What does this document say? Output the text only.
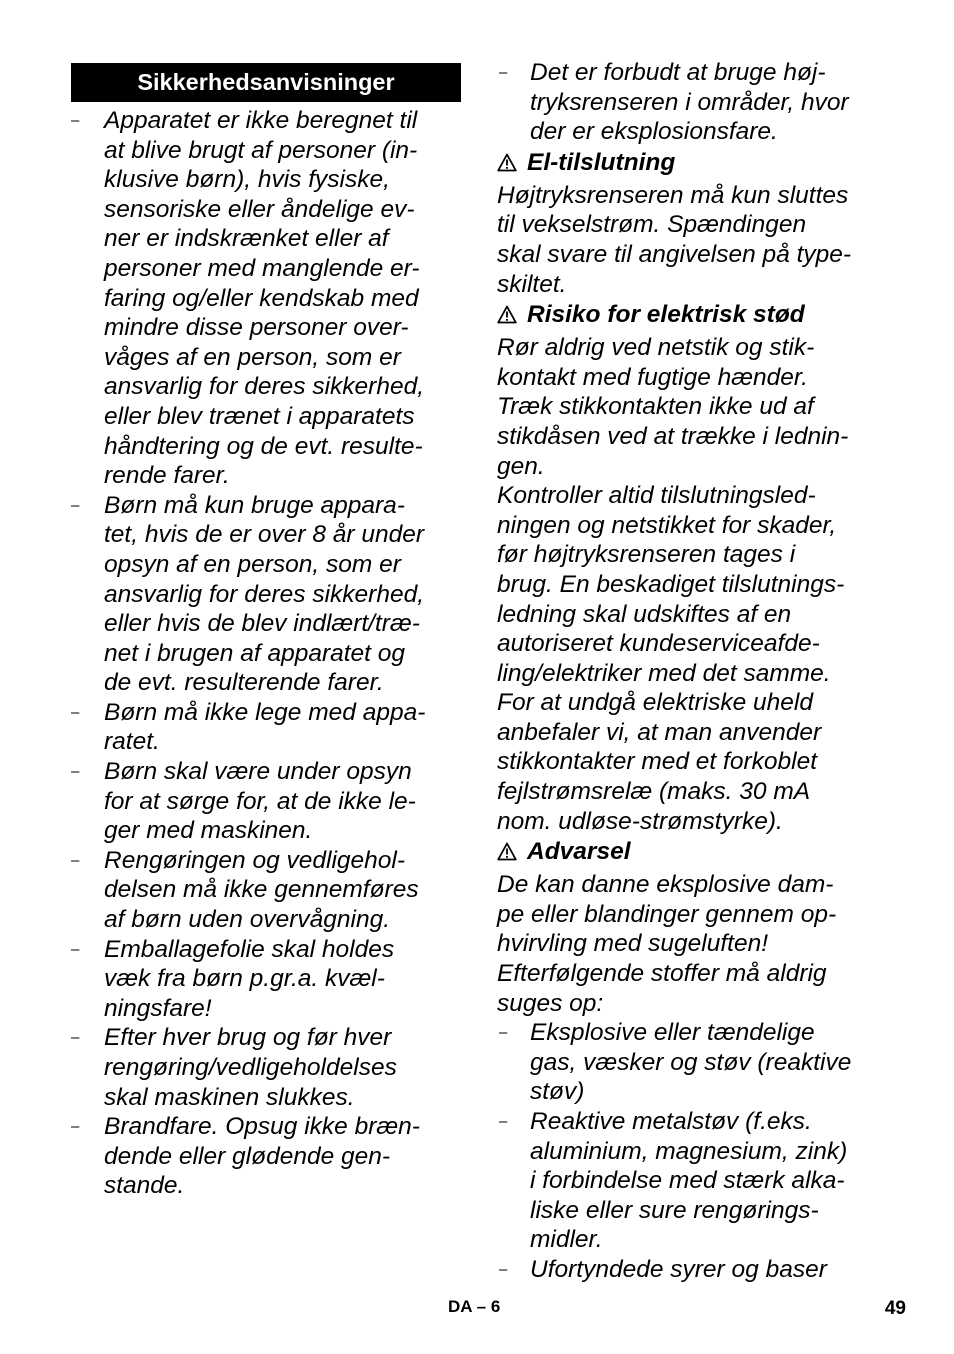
Sikkerhedsanvisninger
– Apparatet er ikke beregnet til
at blive brugt af personer (in-
klusive børn), hvis fysiske,
sensoriske eller åndelige ev-
ner er indskrænket eller af
personer med manglende er-
faring og/eller kendskab med
mindre disse personer over-
våges af en person, som er
ansvarlig for deres sikkerhed,
eller blev trænet i apparatets
håndtering og de evt. resulte-
rende farer.
– Børn må kun bruge appara-
tet, hvis de er over 8 år under
opsyn af en person, som er
ansvarlig for deres sikkerhed,
eller hvis de blev indlært/træ-
net i brugen af apparatet og
de evt. resulterende farer.
– Børn må ikke lege med appa-
ratet.
– Børn skal være under opsyn
for at sørge for, at de ikke le-
ger med maskinen.
– Rengøringen og vedligehol-
delsen må ikke gennemføres
af børn uden overvågning.
– Emballagefolie skal holdes
væk fra børn p.gr.a. kvæl-
ningsfare!
– Efter hver brug og før hver
rengøring/vedligeholdelses
skal maskinen slukkes.
– Brandfare. Opsug ikke bræn-
dende eller glødende gen-
stande.
– Det er forbudt at bruge høj-
tryksrenseren i områder, hvor
der er eksplosionsfare.
El-tilslutning
Højtryksrenseren må kun sluttes
til vekselstrøm. Spændingen
skal svare til angivelsen på type-
skiltet.
Risiko for elektrisk stød
Rør aldrig ved netstik og stik-
kontakt med fugtige hænder.
Træk stikkontakten ikke ud af
stikdåsen ved at trække i lednin-
gen.
Kontroller altid tilslutningsled-
ningen og netstikket for skader,
før højtryksrenseren tages i
brug. En beskadiget tilslutnings-
ledning skal udskiftes af en
autoriseret kundeserviceafde-
ling/elektriker med det samme.
For at undgå elektriske uheld
anbefaler vi, at man anvender
stikkontakter med et forkoblet
fejlstrømsrelæ (maks. 30 mA
nom. udløse-strømstyrke).
Advarsel
De kan danne eksplosive dam-
pe eller blandinger gennem op-
hvirvling med sugeluften!
Efterfølgende stoffer må aldrig
suges op:
– Eksplosive eller tændelige
gas, væsker og støv (reaktive
støv)
– Reaktive metalstøv (f.eks.
aluminium, magnesium, zink)
i forbindelse med stærk alka-
liske eller sure rengørings-
midler.
– Ufortyndede syrer og baser
DA – 6	49
